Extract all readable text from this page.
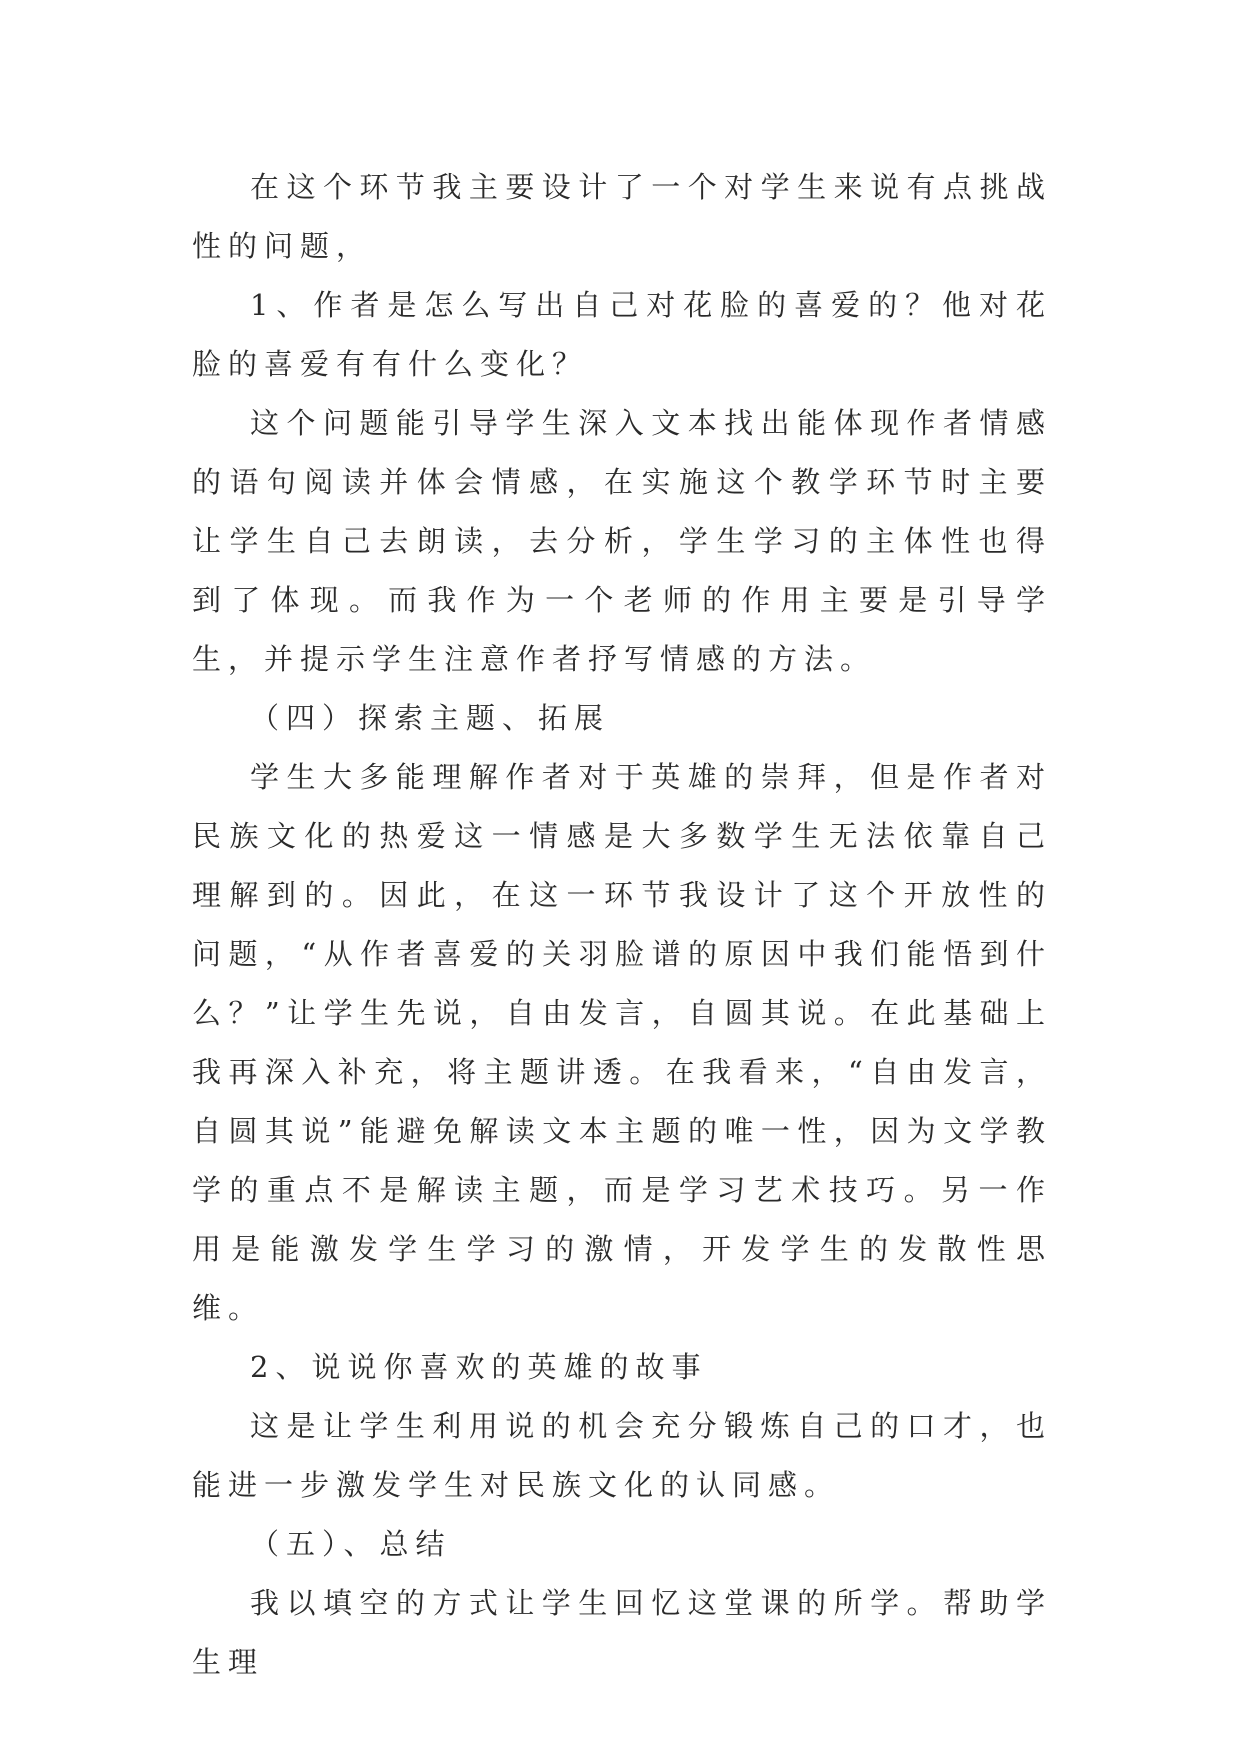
在这个环节我主要设计了一个对学生来说有点挑战性的问题，

1、作者是怎么写出自己对花脸的喜爱的？他对花脸的喜爱有有什么变化？

这个问题能引导学生深入文本找出能体现作者情感的语句阅读并体会情感，在实施这个教学环节时主要让学生自己去朗读，去分析，学生学习的主体性也得到了体现。而我作为一个老师的作用主要是引导学生，并提示学生注意作者抒写情感的方法。

（四）探索主题、拓展

学生大多能理解作者对于英雄的崇拜，但是作者对民族文化的热爱这一情感是大多数学生无法依靠自己理解到的。因此，在这一环节我设计了这个开放性的问题，“从作者喜爱的关羽脸谱的原因中我们能悟到什么？”让学生先说，自由发言，自圆其说。在此基础上我再深入补充，将主题讲透。在我看来，“自由发言，自圆其说”能避免解读文本主题的唯一性，因为文学教学的重点不是解读主题，而是学习艺术技巧。另一作用是能激发学生学习的激情，开发学生的发散性思维。

2、说说你喜欢的英雄的故事

这是让学生利用说的机会充分锻炼自己的口才，也能进一步激发学生对民族文化的认同感。

（五）、总结

我以填空的方式让学生回忆这堂课的所学。帮助学生理
